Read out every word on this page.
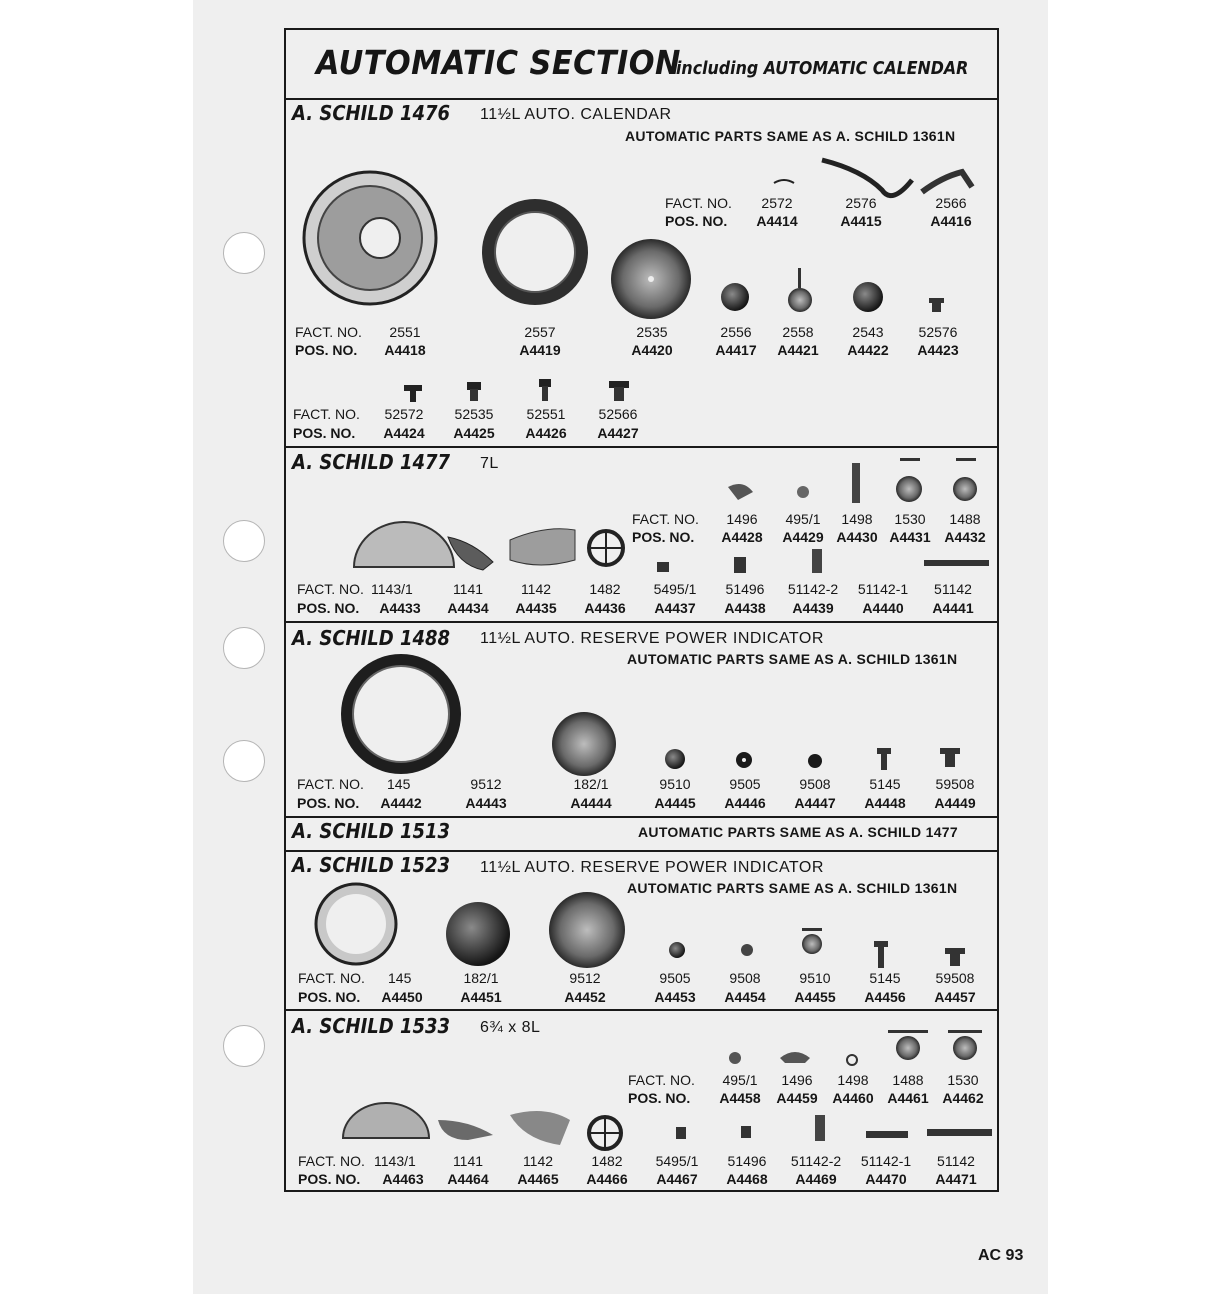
AUTOMATIC SECTION
including AUTOMATIC CALENDAR
A. SCHILD 1476 11½L AUTO. CALENDAR
AUTOMATIC PARTS SAME AS A. SCHILD 1361N
A. SCHILD 1477 7L
A. SCHILD 1488 11½L AUTO. RESERVE POWER INDICATOR
AUTOMATIC PARTS SAME AS A. SCHILD 1361N
A. SCHILD 1513	AUTOMATIC PARTS SAME AS A. SCHILD 1477
A. SCHILD 1523 11½L AUTO. RESERVE POWER INDICATOR
AUTOMATIC PARTS SAME AS A. SCHILD 1361N
A. SCHILD 1533 6¾ x 8L
FACT. NO.
POS. NO.
2572
A4414
2576
A4415
2566
A4416
FACT. NO.
POS. NO.
2551
A4418
2557
A4419
2535
A4420
2556
A4417
2558
A4421
2543
A4422
52576
A4423
FACT. NO.
POS. NO.
52572
A4424
52535
A4425
52551
A4426
52566
A4427
FACT. NO.
POS. NO.
1496
A4428
495/1
A4429
1498
A4430
1530
A4431
1488
A4432
FACT. NO.
POS. NO.
1143/1
A4433
1141
A4434
1142
A4435
1482
A4436
5495/1
A4437
51496
A4438
51142-2
A4439
51142-1
A4440
51142
A4441
FACT. NO.
POS. NO.
145
A4442
9512
A4443
182/1
A4444
9510
A4445
9505
A4446
9508
A4447
5145
A4448
59508
A4449
FACT. NO.
POS. NO.
145
A4450
182/1
A4451
9512
A4452
9505
A4453
9508
A4454
9510
A4455
5145
A4456
59508
A4457
FACT. NO.
POS. NO.
495/1
A4458
1496
A4459
1498
A4460
1488
A4461
1530
A4462
FACT. NO.
POS. NO.
1143/1
A4463
1141
A4464
1142
A4465
1482
A4466
5495/1
A4467
51496
A4468
51142-2
A4469
51142-1
A4470
51142
A4471
AC 93
